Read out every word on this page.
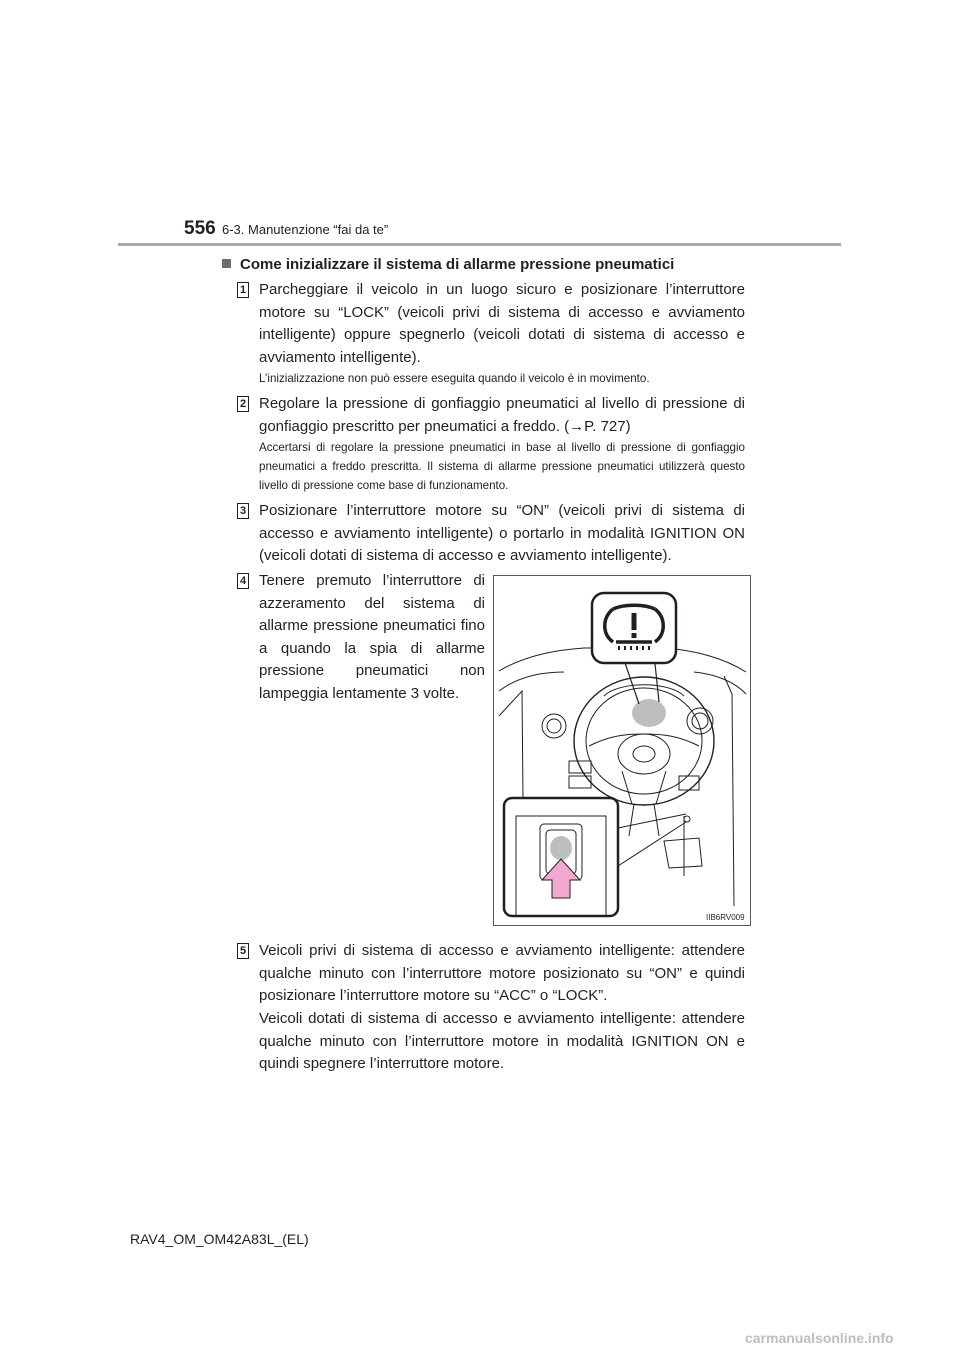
556 6-3. Manutenzione “fai da te”
Come inizializzare il sistema di allarme pressione pneumatici
1 Parcheggiare il veicolo in un luogo sicuro e posizionare l’interruttore motore su “LOCK” (veicoli privi di sistema di accesso e avviamento intelligente) oppure spegnerlo (veicoli dotati di sistema di accesso e avviamento intelligente).
L’inizializzazione non può essere eseguita quando il veicolo è in movimento.
2 Regolare la pressione di gonfiaggio pneumatici al livello di pressione di gonfiaggio prescritto per pneumatici a freddo. (→P. 727)
Accertarsi di regolare la pressione pneumatici in base al livello di pressione di gonfiaggio pneumatici a freddo prescritta. Il sistema di allarme pressione pneumatici utilizzerà questo livello di pressione come base di funzionamento.
3 Posizionare l’interruttore motore su “ON” (veicoli privi di sistema di accesso e avviamento intelligente) o portarlo in modalità IGNITION ON (veicoli dotati di sistema di accesso e avviamento intelligente).
4 Tenere premuto l’interruttore di azzeramento del sistema di allarme pressione pneumatici fino a quando la spia di allarme pressione pneumatici non lampeggia lentamente 3 volte.
IIB6RV009
5 Veicoli privi di sistema di accesso e avviamento intelligente: attendere qualche minuto con l’interruttore motore posizionato su “ON” e quindi posizionare l’interruttore motore su “ACC” o “LOCK”.
Veicoli dotati di sistema di accesso e avviamento intelligente: attendere qualche minuto con l’interruttore motore in modalità IGNITION ON e quindi spegnere l’interruttore motore.
RAV4_OM_OM42A83L_(EL)
carmanualsonline.info
